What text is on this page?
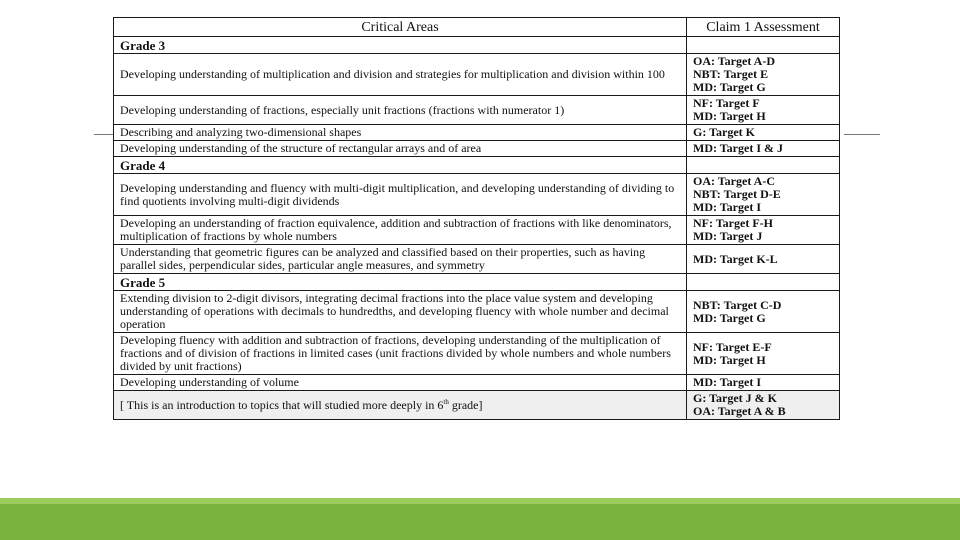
Critical Areas	Claim 1 Assessment
Grade 3	
Developing understanding of multiplication and division and strategies for multiplication and division within 100	OA: Target A-D
NBT: Target E
MD: Target G

Developing understanding of fractions, especially unit fractions (fractions with numerator 1)	NF: Target F
MD: Target H

Describing and analyzing two-dimensional shapes	G: Target K

Developing understanding of the structure of rectangular arrays and of area	MD: Target I & J

Grade 4	
Developing understanding and fluency with multi-digit multiplication, and developing understanding of dividing to find quotients involving multi-digit dividends	OA: Target A-C
NBT: Target D-E
MD: Target I

Developing an understanding of fraction equivalence, addition and subtraction of fractions with like denominators, multiplication of fractions by whole numbers	NF: Target F-H
MD: Target J

Understanding that geometric figures can be analyzed and classified based on their properties, such as having parallel sides, perpendicular sides, particular angle measures, and symmetry	MD: Target K-L

Grade 5	
Extending division to 2-digit divisors, integrating decimal fractions into the place value system and developing understanding of operations with decimals to hundredths, and developing fluency with whole number and decimal operation	NBT: Target C-D
MD: Target G

Developing fluency with addition and subtraction of fractions, developing understanding of the multiplication of fractions and of division of fractions in limited cases (unit fractions divided by whole numbers and whole numbers divided by unit fractions)	NF: Target E-F
MD: Target H

Developing understanding of volume	MD: Target I

[ This is an introduction to topics that will studied more deeply in 6th grade]	G: Target J & K
OA: Target A & B
